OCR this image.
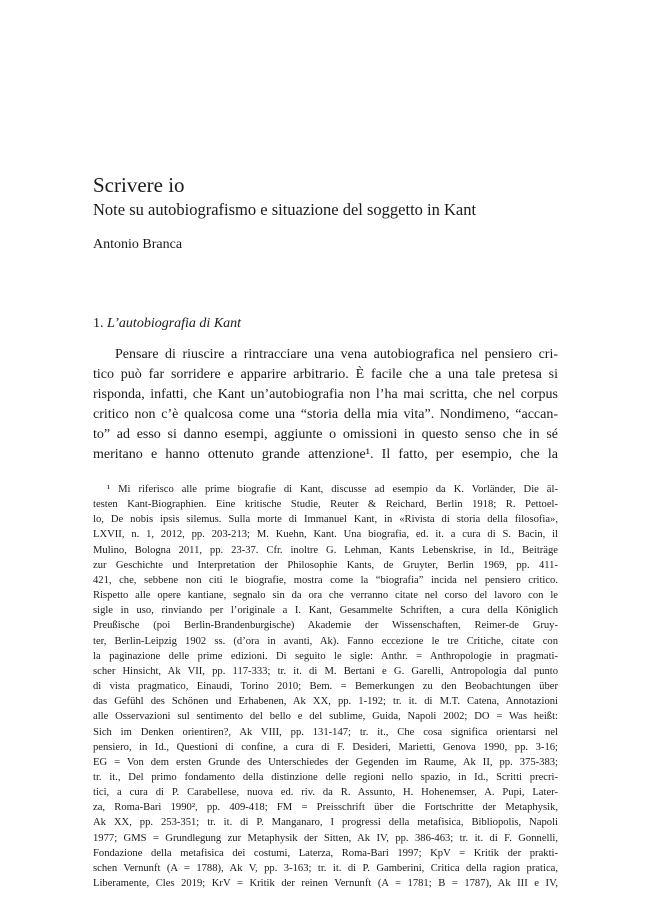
Scrivere io
Note su autobiografismo e situazione del soggetto in Kant

Antonio Branca

1. L’autobiografia di Kant
Pensare di riuscire a rintracciare una vena autobiografica nel pensiero cri-
tico può far sorridere e apparire arbitrario. È facile che a una tale pretesa si
risponda, infatti, che Kant un’autobiografia non l’ha mai scritta, che nel corpus
critico non c’è qualcosa come una “storia della mia vita”. Nondimeno, “accan-
to” ad esso si danno esempi, aggiunte o omissioni in questo senso che in sé
meritano e hanno ottenuto grande attenzione¹. Il fatto, per esempio, che la
¹ Mi riferisco alle prime biografie di Kant, discusse ad esempio da K. Vorländer, Die äl-
testen Kant-Biographien. Eine kritische Studie, Reuter & Reichard, Berlin 1918; R. Pettoel-
lo, De nobis ipsis silemus. Sulla morte di Immanuel Kant, in «Rivista di storia della filosofia»,
LXVII, n. 1, 2012, pp. 203-213; M. Kuehn, Kant. Una biografia, ed. it. a cura di S. Bacin, il
Mulino, Bologna 2011, pp. 23-37. Cfr. inoltre G. Lehman, Kants Lebenskrise, in Id., Beiträge
zur Geschichte und Interpretation der Philosophie Kants, de Gruyter, Berlin 1969, pp. 411-
421, che, sebbene non citi le biografie, mostra come la “biografia” incida nel pensiero critico.
Rispetto alle opere kantiane, segnalo sin da ora che verranno citate nel corso del lavoro con le
sigle in uso, rinviando per l’originale a I. Kant, Gesammelte Schriften, a cura della Königlich
Preußische (poi Berlin-Brandenburgische) Akademie der Wissenschaften, Reimer-de Gruy-
ter, Berlin-Leipzig 1902 ss. (d’ora in avanti, Ak). Fanno eccezione le tre Critiche, citate con
la paginazione delle prime edizioni. Di seguito le sigle: Anthr. = Anthropologie in pragmati-
scher Hinsicht, Ak VII, pp. 117-333; tr. it. di M. Bertani e G. Garelli, Antropologia dal punto
di vista pragmatico, Einaudi, Torino 2010; Bem. = Bemerkungen zu den Beobachtungen über
das Gefühl des Schönen und Erhabenen, Ak XX, pp. 1-192; tr. it. di M.T. Catena, Annotazioni
alle Osservazioni sul sentimento del bello e del sublime, Guida, Napoli 2002; DO = Was heißt:
Sich im Denken orientiren?, Ak VIII, pp. 131-147; tr. it., Che cosa significa orientarsi nel
pensiero, in Id., Questioni di confine, a cura di F. Desideri, Marietti, Genova 1990, pp. 3-16;
EG = Von dem ersten Grunde des Unterschiedes der Gegenden im Raume, Ak II, pp. 375-383;
tr. it., Del primo fondamento della distinzione delle regioni nello spazio, in Id., Scritti precri-
tici, a cura di P. Carabellese, nuova ed. riv. da R. Assunto, H. Hohenemser, A. Pupi, Later-
za, Roma-Bari 1990², pp. 409-418; FM = Preisschrift über die Fortschritte der Metaphysik,
Ak XX, pp. 253-351; tr. it. di P. Manganaro, I progressi della metafisica, Bibliopolis, Napoli
1977; GMS = Grundlegung zur Metaphysik der Sitten, Ak IV, pp. 386-463; tr. it. di F. Gonnelli,
Fondazione della metafisica dei costumi, Laterza, Roma-Bari 1997; KpV = Kritik der prakti-
schen Vernunft (A = 1788), Ak V, pp. 3-163; tr. it. di P. Gamberini, Critica della ragion pratica,
Liberamente, Cles 2019; KrV = Kritik der reinen Vernunft (A = 1781; B = 1787), Ak III e IV,
